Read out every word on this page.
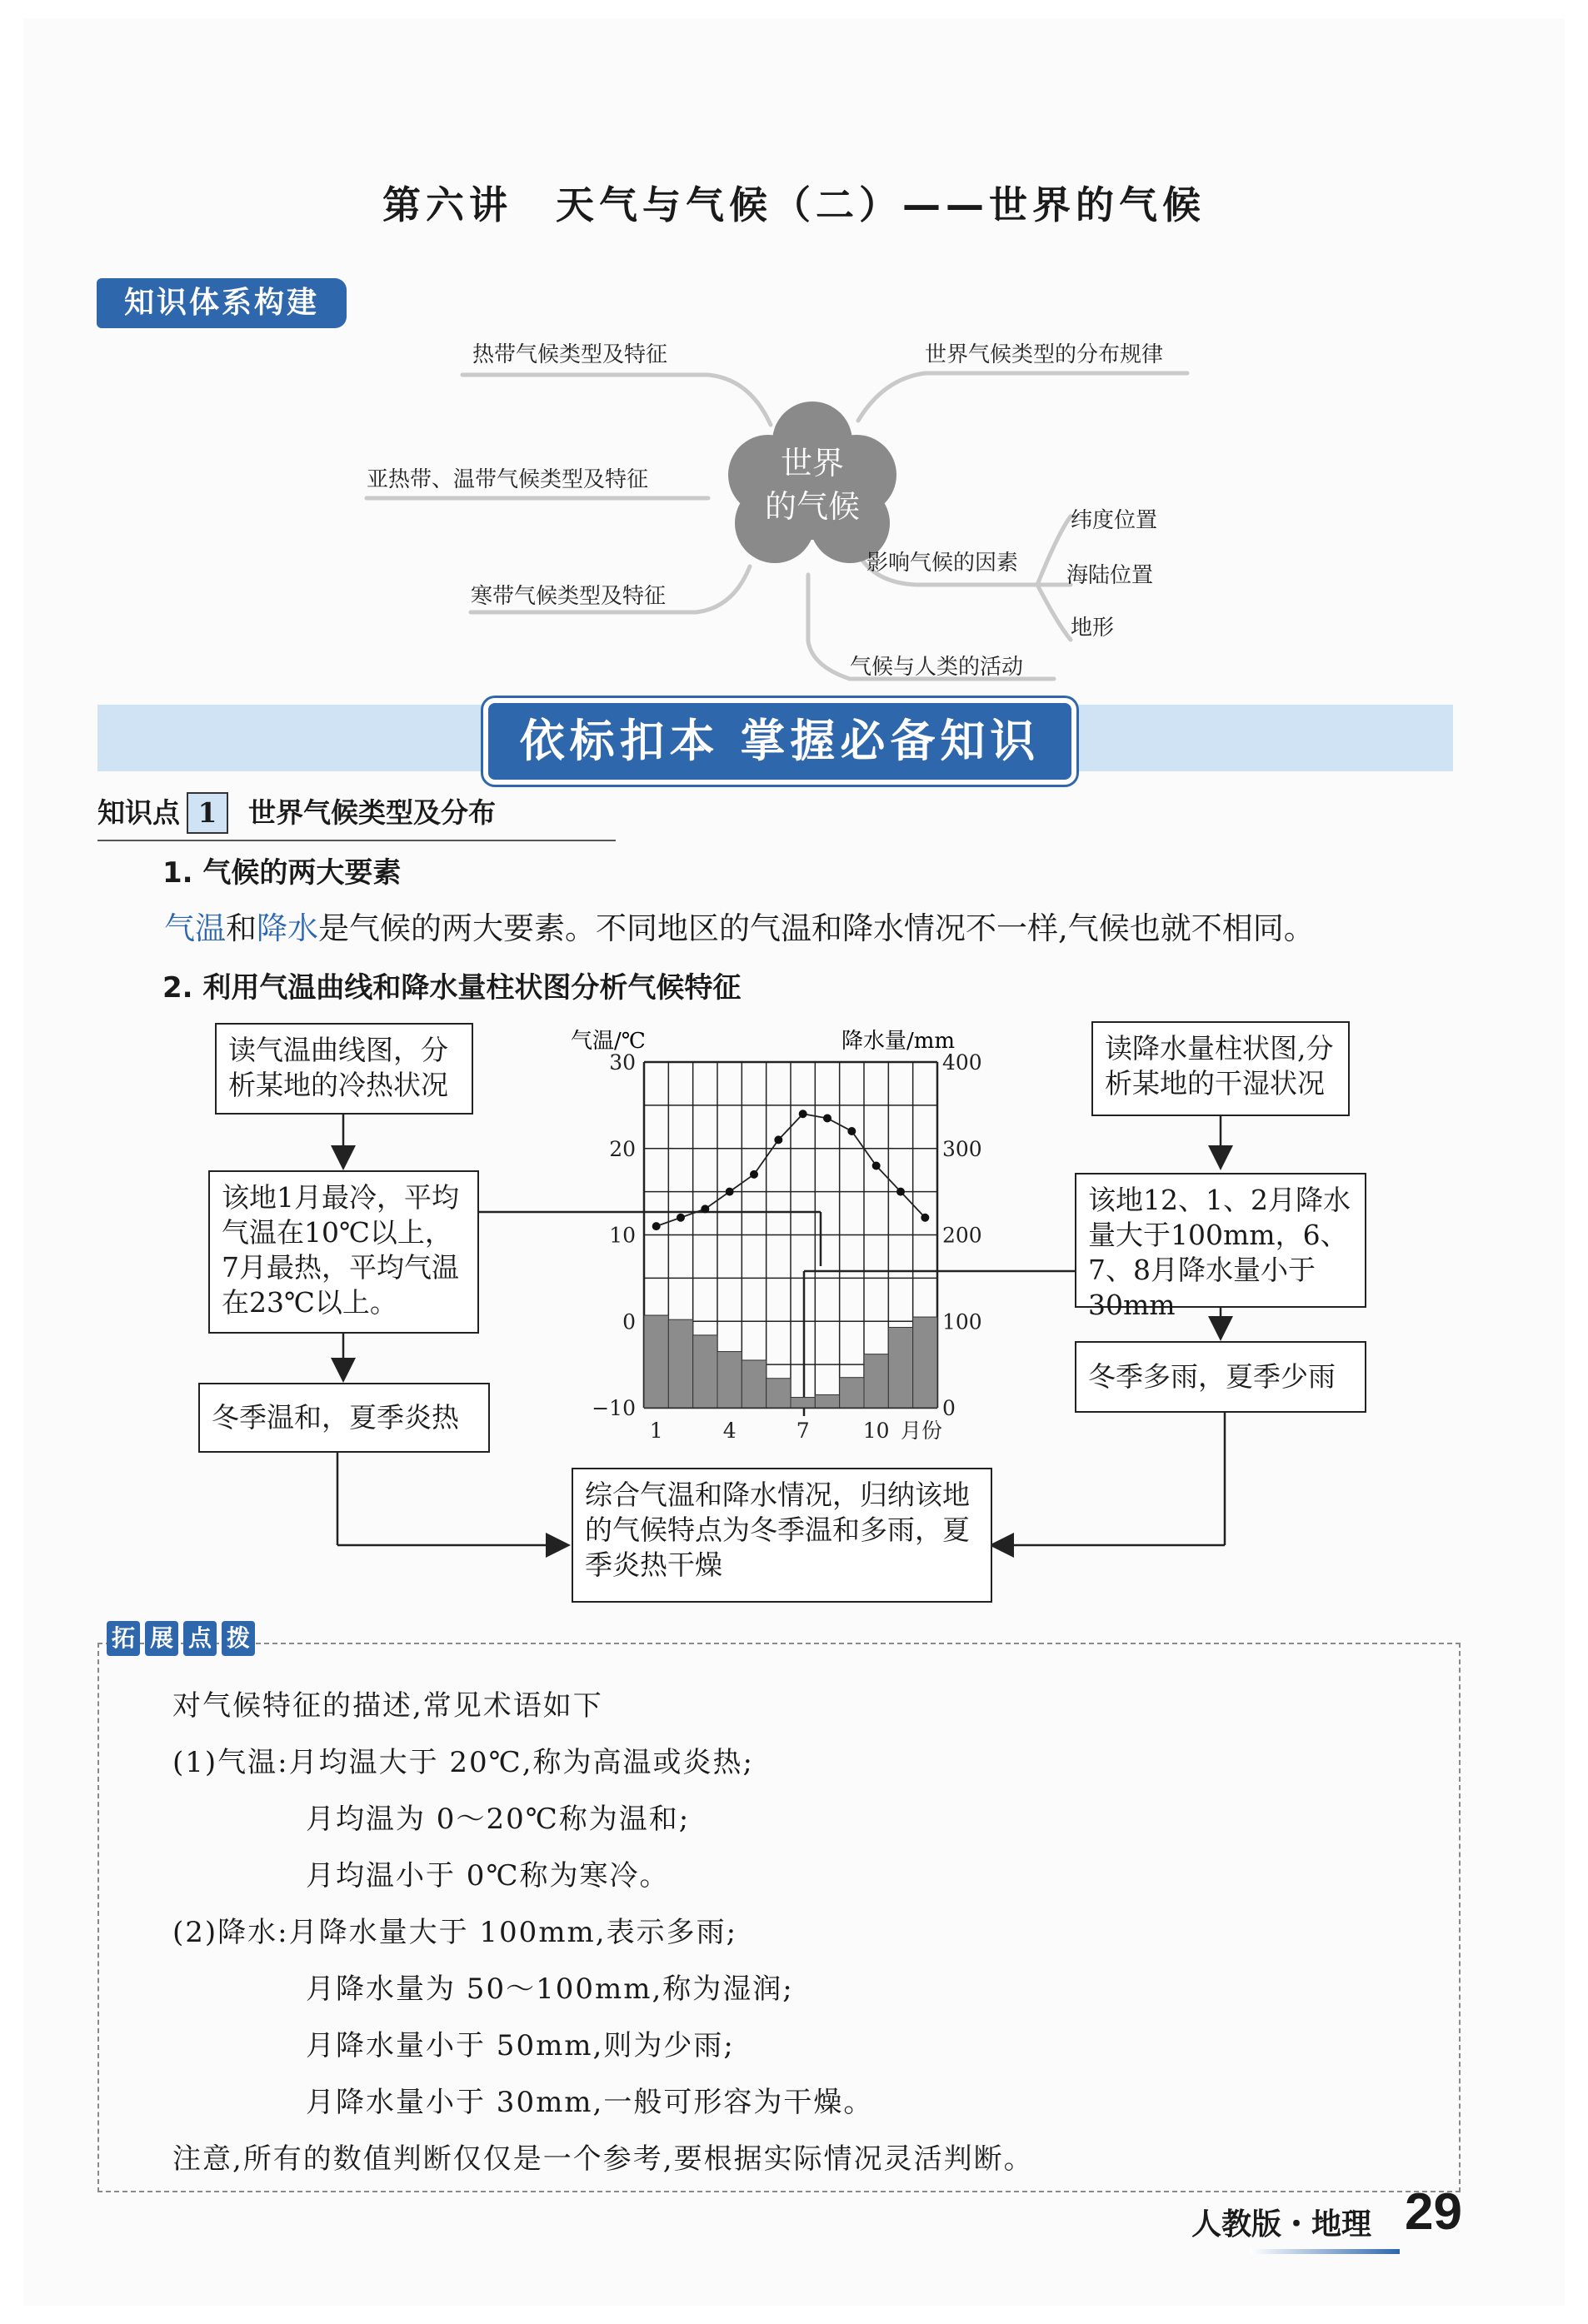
第六讲　天气与气候（二）——世界的气候
知识体系构建
世界
的气候
热带气候类型及特征	世界气候类型的分布规律
亚热带、温带气候类型及特征
寒带气候类型及特征
影响气候的因素
纬度位置
海陆位置
地形
气候与人类的活动
依标扣本 掌握必备知识
知识点 1 世界气候类型及分布
1. 气候的两大要素
气温和降水是气候的两大要素。不同地区的气温和降水情况不一样,气候也就不相同。
2. 利用气温曲线和降水量柱状图分析气候特征
读气温曲线图，分析某地的冷热状况
该地1月最冷，平均气温在10℃以上，7月最热，平均气温在23℃以上。
冬季温和，夏季炎热
读降水量柱状图,分析某地的干湿状况
该地12、1、2月降水量大于100mm，6、7、8月降水量小于30mm
冬季多雨，夏季少雨
综合气温和降水情况，归纳该地的气候特点为冬季温和多雨，夏季炎热干燥
气温/℃	降水量/mm
30
20
10
0
−10
400
300
200
100
0
1	4	7	10 月份
拓 展 点 拨
对气候特征的描述,常见术语如下
(1)气温:月均温大于 20℃,称为高温或炎热;
月均温为 0～20℃称为温和;
月均温小于 0℃称为寒冷。
(2)降水:月降水量大于 100mm,表示多雨;
月降水量为 50～100mm,称为湿润;
月降水量小于 50mm,则为少雨;
月降水量小于 30mm,一般可形容为干燥。
注意,所有的数值判断仅仅是一个参考,要根据实际情况灵活判断。
人教版・地理 29
